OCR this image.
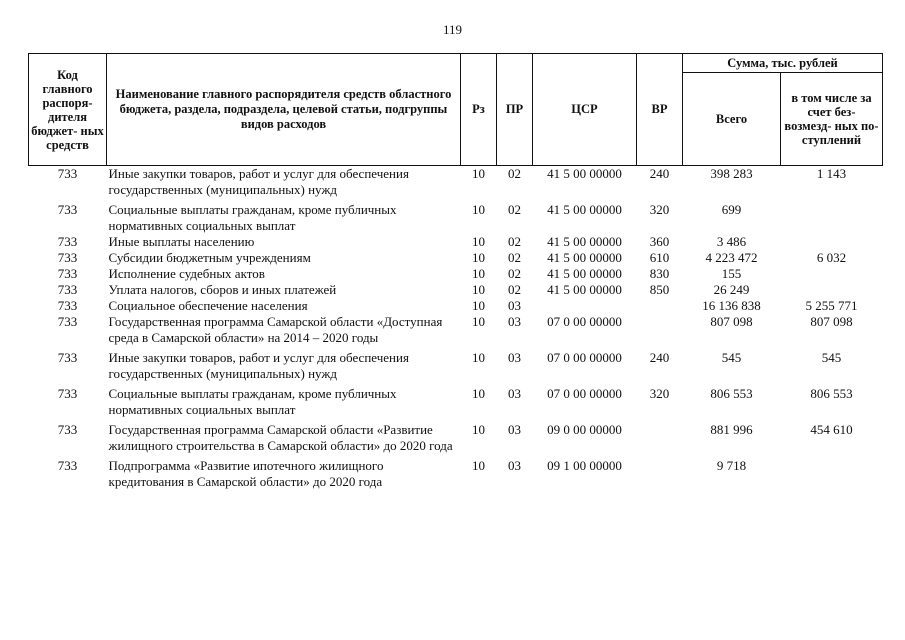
119
Код главного распоря- дителя бюджет- ных средств	Наименование главного распорядителя средств областного бюджета, раздела, подраздела, целевой статьи, подгруппы видов расходов	Рз	ПР	ЦСР	ВР	Сумма, тыс. рублей	
						Всего	в том числе за счет без- возмезд- ных по- ступлений
733	Иные закупки товаров, работ и услуг для обеспечения государственных (муниципальных) нужд	10	02	41 5 00 00000	240	398 283	1 143
733	Социальные выплаты гражданам, кроме публичных нормативных социальных выплат	10	02	41 5 00 00000	320	699	
733	Иные выплаты населению	10	02	41 5 00 00000	360	3 486	
733	Субсидии бюджетным учреждениям	10	02	41 5 00 00000	610	4 223 472	6 032
733	Исполнение судебных актов	10	02	41 5 00 00000	830	155	
733	Уплата налогов, сборов и иных платежей	10	02	41 5 00 00000	850	26 249	
733	Социальное обеспечение населения	10	03			16 136 838	5 255 771
733	Государственная программа Самарской области «Доступная среда в Самарской области» на 2014 – 2020 годы	10	03	07 0 00 00000		807 098	807 098
733	Иные закупки товаров, работ и услуг для обеспечения государственных (муниципальных) нужд	10	03	07 0 00 00000	240	545	545
733	Социальные выплаты гражданам, кроме публичных нормативных социальных выплат	10	03	07 0 00 00000	320	806 553	806 553
733	Государственная программа Самарской области «Развитие жилищного строительства в Самарской области» до 2020 года	10	03	09 0 00 00000		881 996	454 610
733	Подпрограмма «Развитие ипотечного жилищного кредитования в Самарской области» до 2020 года	10	03	09 1 00 00000		9 718	
